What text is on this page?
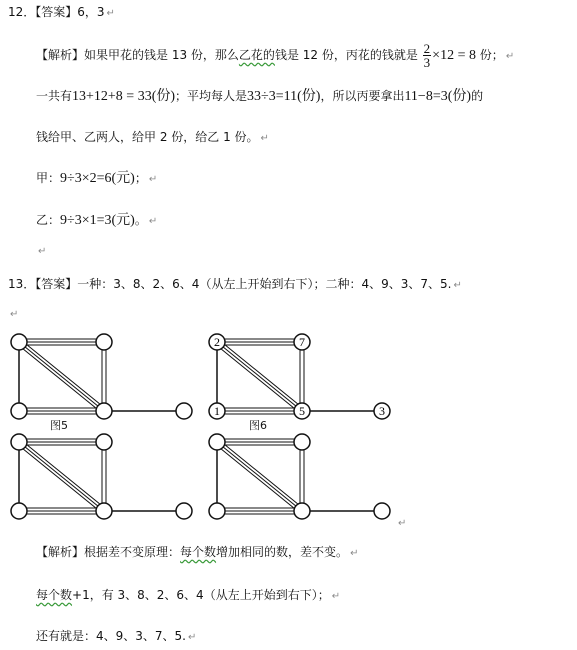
12．【答案】6，3 ↵
【解析】如果甲花的钱是 13 份，那么乙花的钱是 12 份，丙花的钱就是 $\frac{2}{3} \times 12 = 8$ 份； ↵
一共有13+12+8 = 33(份)；平均每人是33÷3=11(份)，所以丙要拿出11−8=3(份)的
钱给甲、乙两人，给甲 2 份，给乙 1 份。 ↵
甲：9÷3×2=6(元)； ↵
乙：9÷3×1=3(元)。 ↵
↵
13．【答案】一种：3、8、2、6、4（从左上开始到右下）；二种：4、9、3、7、5. ↵
↵
2	7
1	5	3
图5	图6
↵
【解析】根据差不变原理：每个数增加相同的数，差不变。 ↵
每个数+1，有 3、8、2、6、4（从左上开始到右下）； ↵
还有就是：4、9、3、7、5. ↵
